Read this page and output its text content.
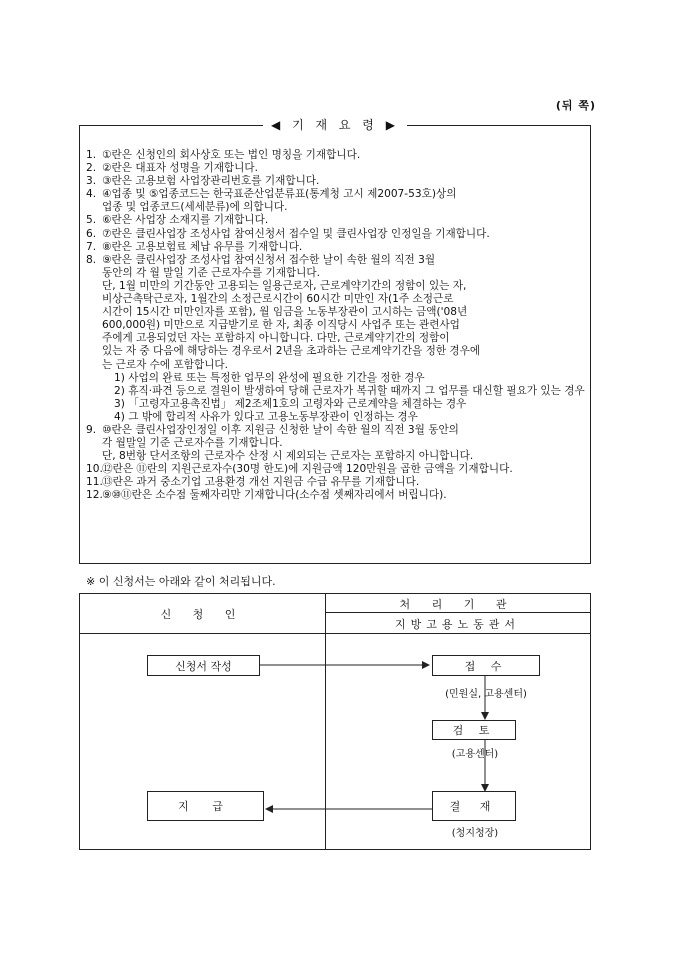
(뒤 쪽)
◀ 기 재 요 령 ▶
1. ①란은 신청인의 회사상호 또는 법인 명칭을 기재합니다.
2. ②란은 대표자 성명을 기재합니다.
3. ③란은 고용보험 사업장관리번호를 기재합니다.
4. ④업종 및 ⑤업종코드는 한국표준산업분류표(통계청 고시 제2007-53호)상의
업종 및 업종코드(세세분류)에 의합니다.
5. ⑥란은 사업장 소재지를 기재합니다.
6. ⑦란은 클린사업장 조성사업 참여신청서 접수일 및 클린사업장 인정일을 기재합니다.
7. ⑧란은 고용보험료 체납 유무를 기재합니다.
8. ⑨란은 클린사업장 조성사업 참여신청서 접수한 날이 속한 월의 직전 3월
동안의 각 월 말일 기준 근로자수를 기재합니다.
단, 1월 미만의 기간동안 고용되는 일용근로자, 근로계약기간의 정함이 있는 자,
비상근촉탁근로자, 1월간의 소정근로시간이 60시간 미만인 자(1주 소정근로
시간이 15시간 미만인자를 포함), 월 임금을 노동부장관이 고시하는 금액('08년
600,000원) 미만으로 지급받기로 한 자, 최종 이직당시 사업주 또는 관련사업
주에게 고용되었던 자는 포함하지 아니합니다. 다만, 근로계약기간의 정함이
있는 자 중 다음에 해당하는 경우로서 2년을 초과하는 근로계약기간을 정한 경우에
는 근로자 수에 포함합니다.
1) 사업의 완료 또는 특정한 업무의 완성에 필요한 기간을 정한 경우
2) 휴직·파견 등으로 결원이 발생하여 당해 근로자가 복귀할 때까지 그 업무를 대신할 필요가 있는 경우
3) 「고령자고용촉진법」 제2조제1호의 고령자와 근로계약을 체결하는 경우
4) 그 밖에 합리적 사유가 있다고 고용노동부장관이 인정하는 경우
9. ⑩란은 클린사업장인정일 이후 지원금 신청한 날이 속한 월의 직전 3월 동안의
각 월말일 기준 근로자수를 기재합니다.
단, 8번항 단서조항의 근로자수 산정 시 제외되는 근로자는 포함하지 아니합니다.
10. ⑫란은 ⑪란의 지원근로자수(30명 한도)에 지원금액 120만원을 곱한 금액을 기재합니다.
11. ⑬란은 과거 중소기업 고용환경 개선 지원금 수급 유무를 기재합니다.
12. ⑨⑩⑪란은 소수점 둘째자리만 기재합니다(소수점 셋째자리에서 버립니다).
※ 이 신청서는 아래와 같이 처리됩니다.
신 청 인
처 리 기 관
지방고용노동관서
신청서 작성	접 수
(민원실, 고용센터)
검 토
(고용센터)
결 재
(청지청장)
지 급
